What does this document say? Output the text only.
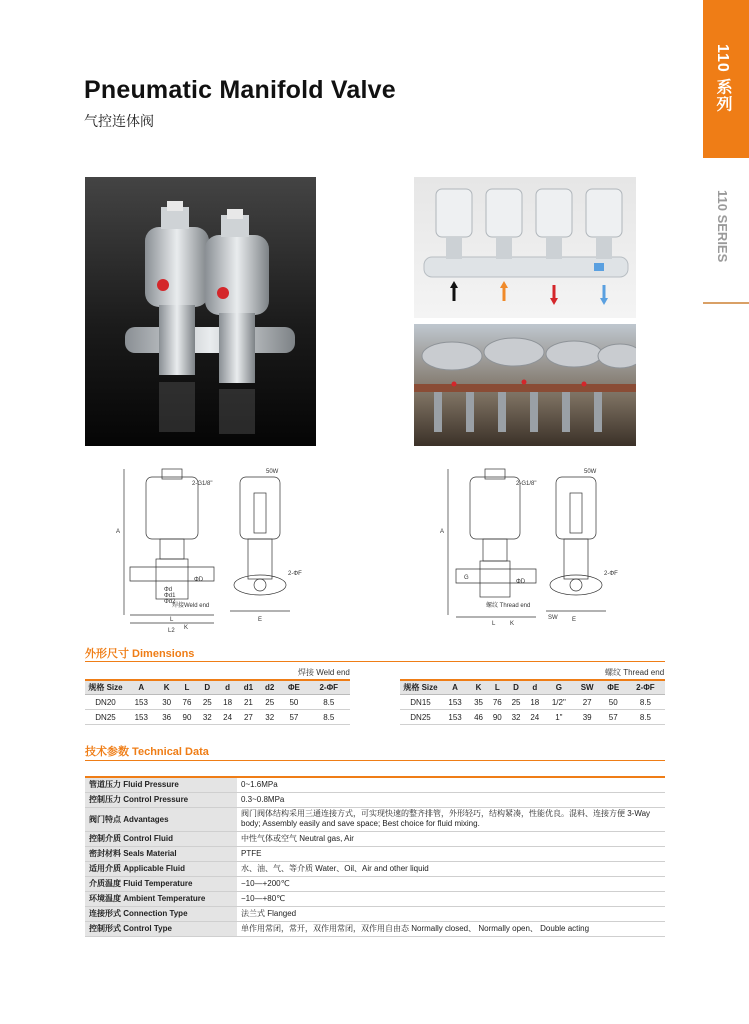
110 系列
110 SERIES
Pneumatic Manifold Valve
气控连体阀
2-G1/8"
50W
焊接Weld end
A
ΦD
E
K
L
L2
Φd
Φd1
Φd2
2-ΦF
2-G1/8"
50W
螺纹 Thread end
A
ΦD
E
K
L
G
SW
2-ΦF
外形尺寸 Dimensions
焊接 Weld end
规格 Size	A	K	L	D	d	d1	d2	ΦE	2-ΦF
DN20	153	30	76	25	18	21	25	50	8.5
DN25	153	36	90	32	24	27	32	57	8.5
螺纹 Thread end
规格 Size	A	K	L	D	d	G	SW	ΦE	2-ΦF
DN15	153	35	76	25	18	1/2"	27	50	8.5
DN25	153	46	90	32	24	1"	39	57	8.5
技术参数 Technical Data
管道压力 Fluid Pressure	0~1.6MPa
控制压力 Control Pressure	0.3~0.8MPa
阀门特点 Advantages	阀门阀体结构采用三通连接方式，可实现快速的整齐排管，外形轻巧，结构紧凑，性能优良。混料、连接方便 3-Way body; Assembly easily and save space; Best choice for fluid mixing.
控制介质 Control Fluid	中性气体或空气 Neutral gas, Air
密封材料 Seals Material	PTFE
适用介质 Applicable Fluid	水、油、气、等介质 Water、Oil、Air and other liquid
介质温度 Fluid Temperature	−10—+200℃
环境温度 Ambient Temperature	−10—+80℃
连接形式 Connection Type	法兰式 Flanged
控制形式 Control Type	单作用常闭，常开，双作用常闭，双作用自由态 Normally closed、 Normally open、 Double acting
